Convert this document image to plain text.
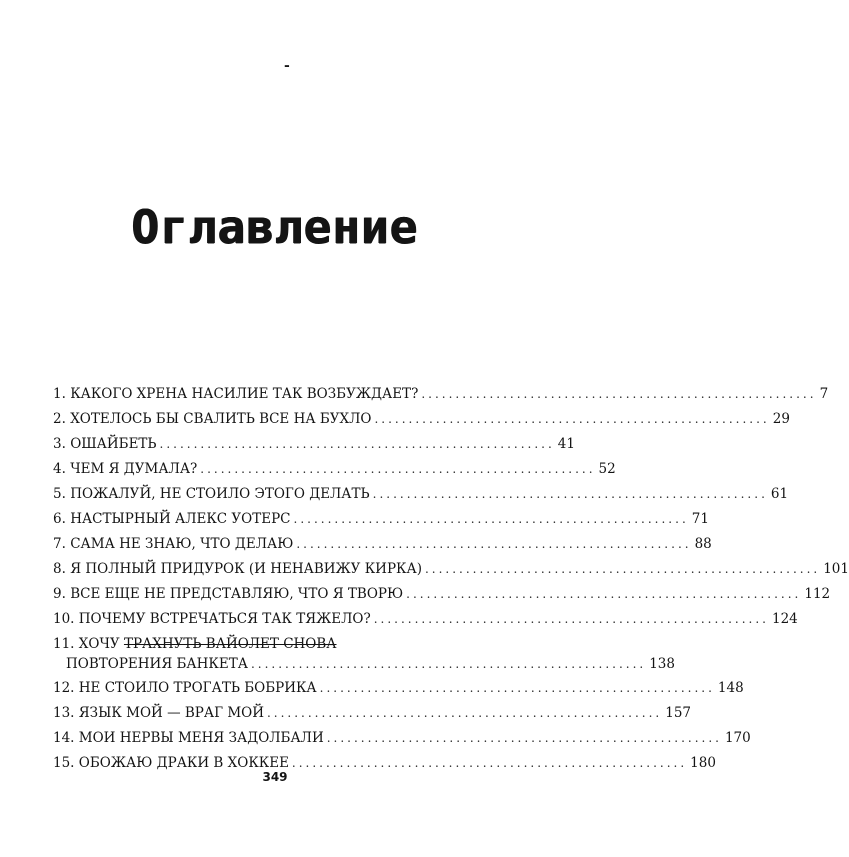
-
Оглавление
1.
КАКОГО ХРЕНА НАСИЛИЕ ТАК ВОЗБУЖДАЕТ? .......................................................... 7
2.
ХОТЕЛОСЬ БЫ СВАЛИТЬ ВСЕ НА БУХЛО .......................................................... 29
3.
ОШАЙБЕТЬ .......................................................... 41
4.
ЧЕМ Я ДУМАЛА? .......................................................... 52
5.
ПОЖАЛУЙ, НЕ СТОИЛО ЭТОГО ДЕЛАТЬ .......................................................... 61
6.
НАСТЫРНЫЙ АЛЕКС УОТЕРС .......................................................... 71
7.
САМА НЕ ЗНАЮ, ЧТО ДЕЛАЮ .......................................................... 88
8.
Я ПОЛНЫЙ ПРИДУРОК (И НЕНАВИЖУ КИРКА) .......................................................... 101
9.
ВСЕ ЕЩЕ НЕ ПРЕДСТАВЛЯЮ, ЧТО Я ТВОРЮ .......................................................... 112
10.
ПОЧЕМУ ВСТРЕЧАТЬСЯ ТАК ТЯЖЕЛО? .......................................................... 124
11.
ХОЧУ
ТРАХНУТЬ ВАЙОЛЕТ СНОВА
ПОВТОРЕНИЯ БАНКЕТА .......................................................... 138
12.
НЕ СТОИЛО ТРОГАТЬ БОБРИКА .......................................................... 148
13.
ЯЗЫК МОЙ — ВРАГ МОЙ .......................................................... 157
14.
МОИ НЕРВЫ МЕНЯ ЗАДОЛБАЛИ .......................................................... 170
15.
ОБОЖАЮ ДРАКИ В ХОККЕЕ .......................................................... 180
349
